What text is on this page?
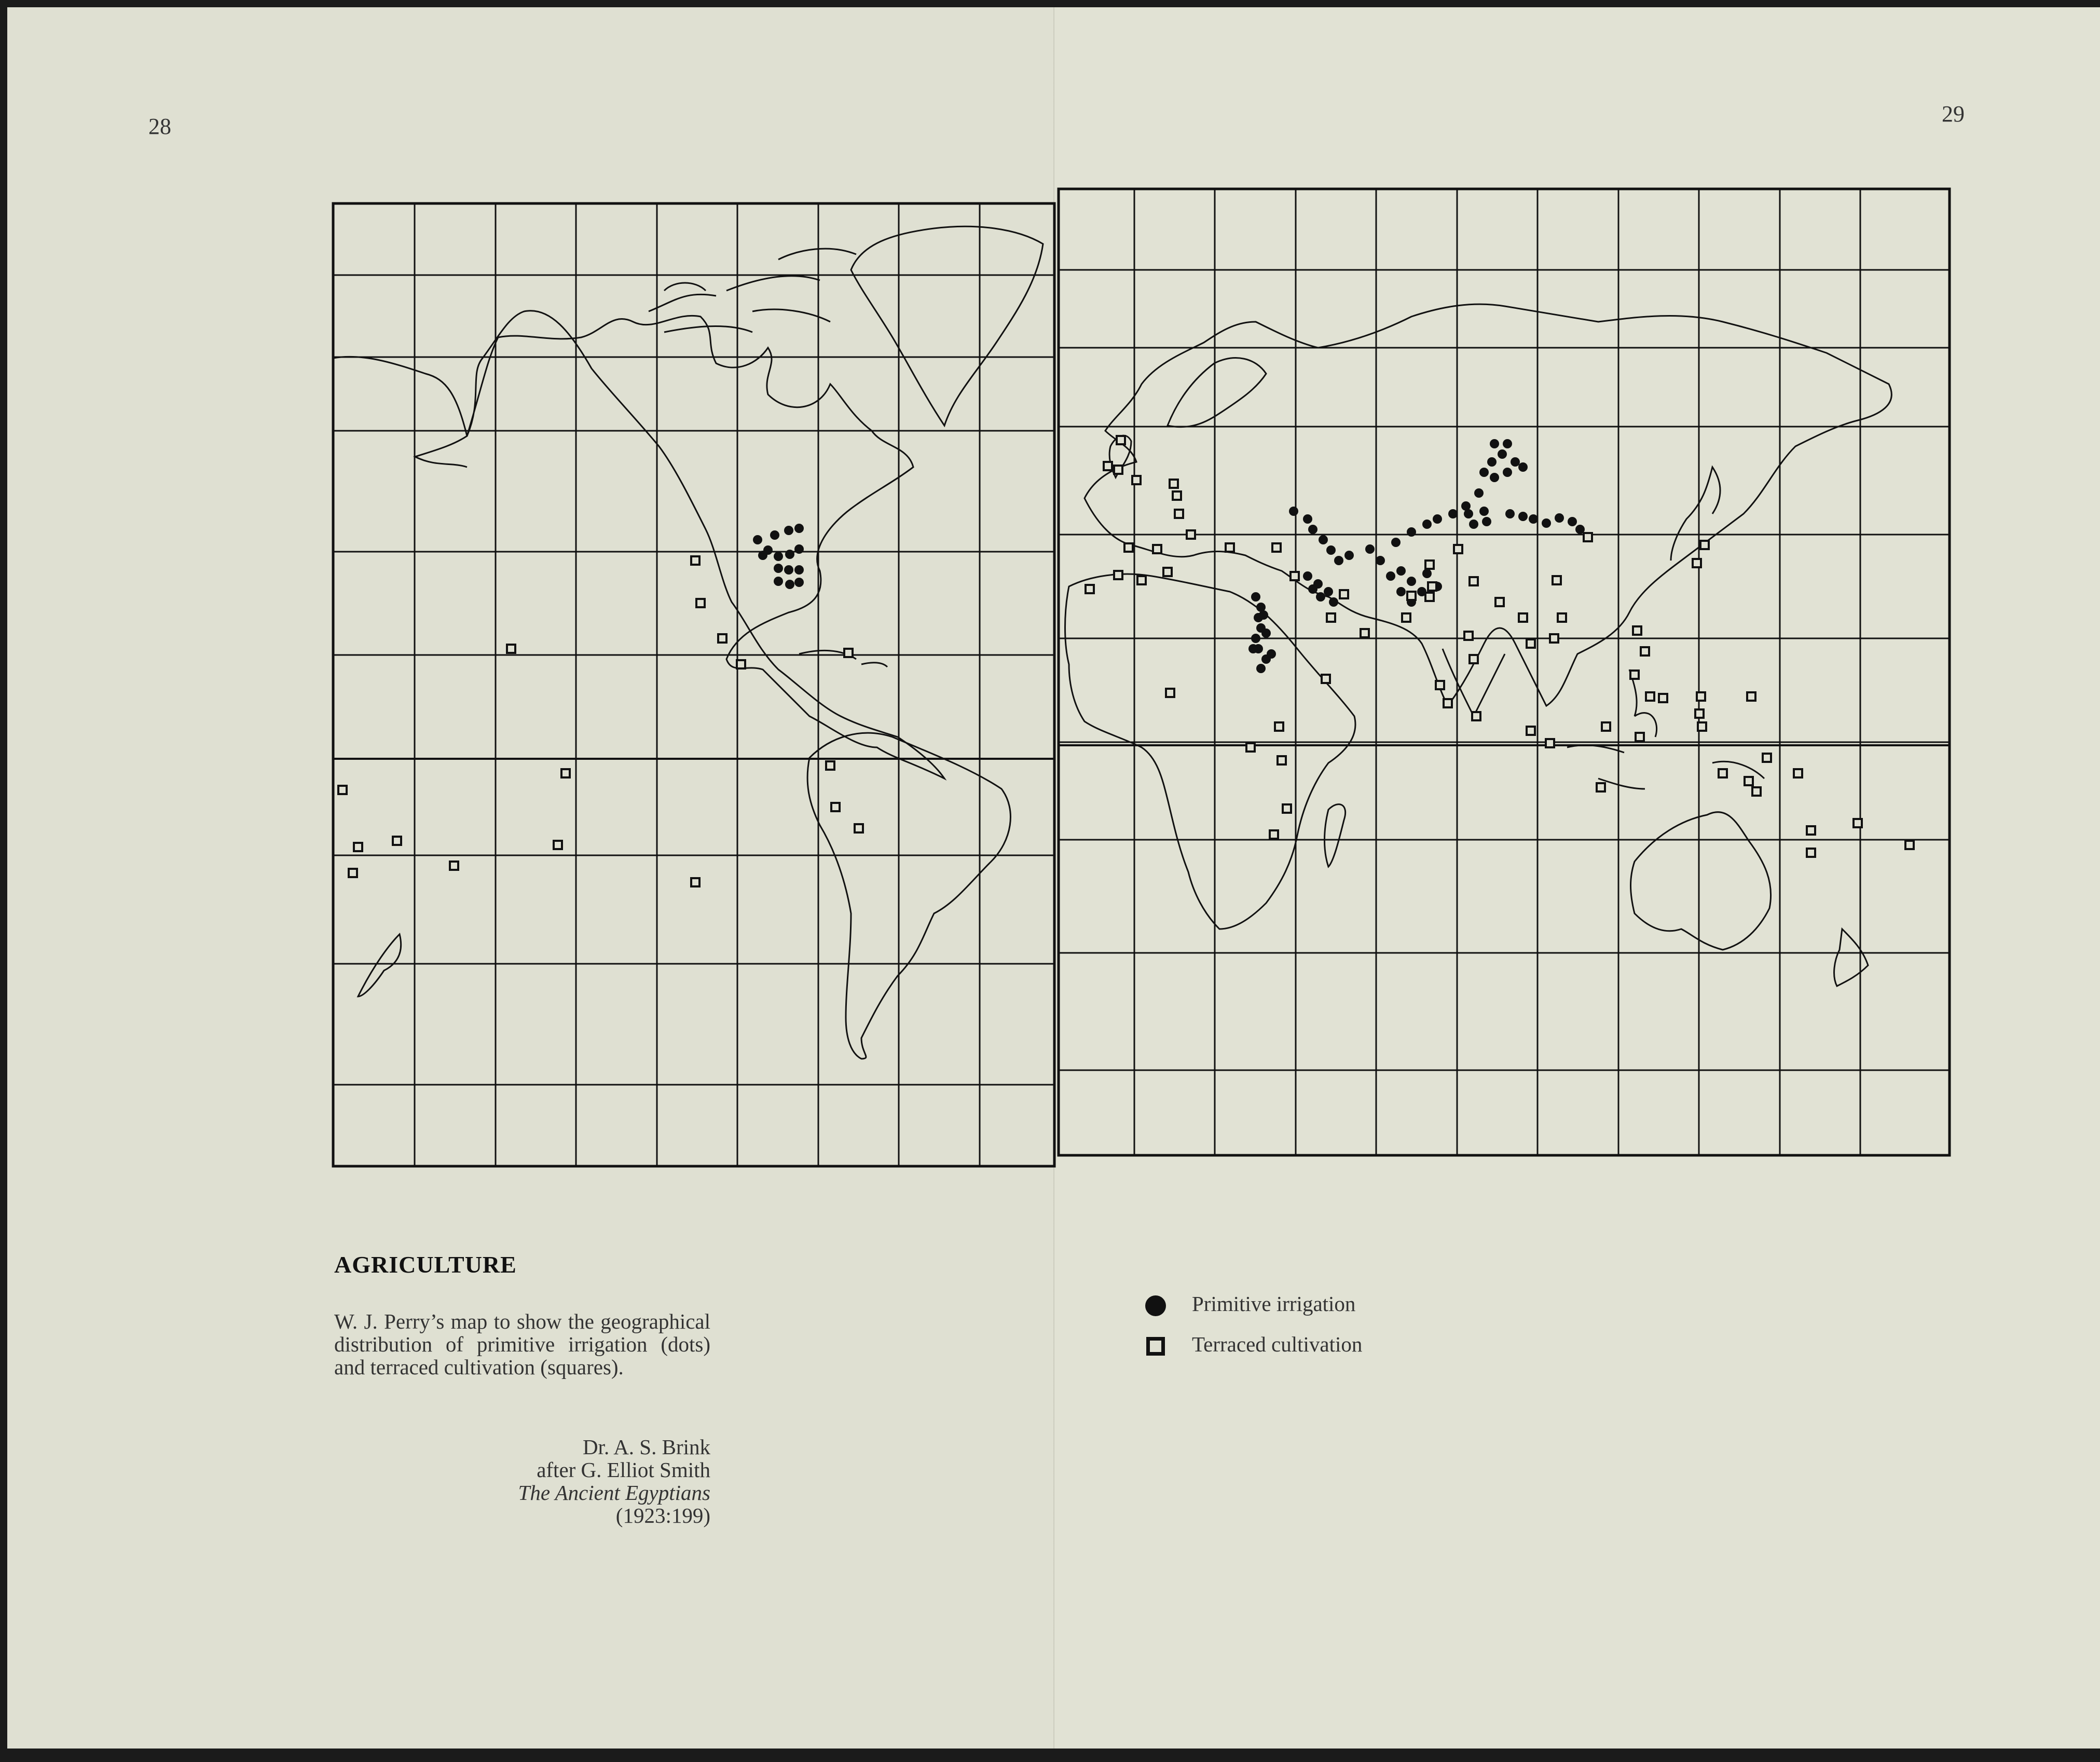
28
AGRICULTURE
W. J. Perry’s map to show the geographical distribution of primitive irrigation (dots) and terraced cultivation (squares).
Dr. A. S. Brink
after G. Elliot Smith
The Ancient Egyptians
(1923:199)
29
Primitive irrigation
Terraced cultivation
